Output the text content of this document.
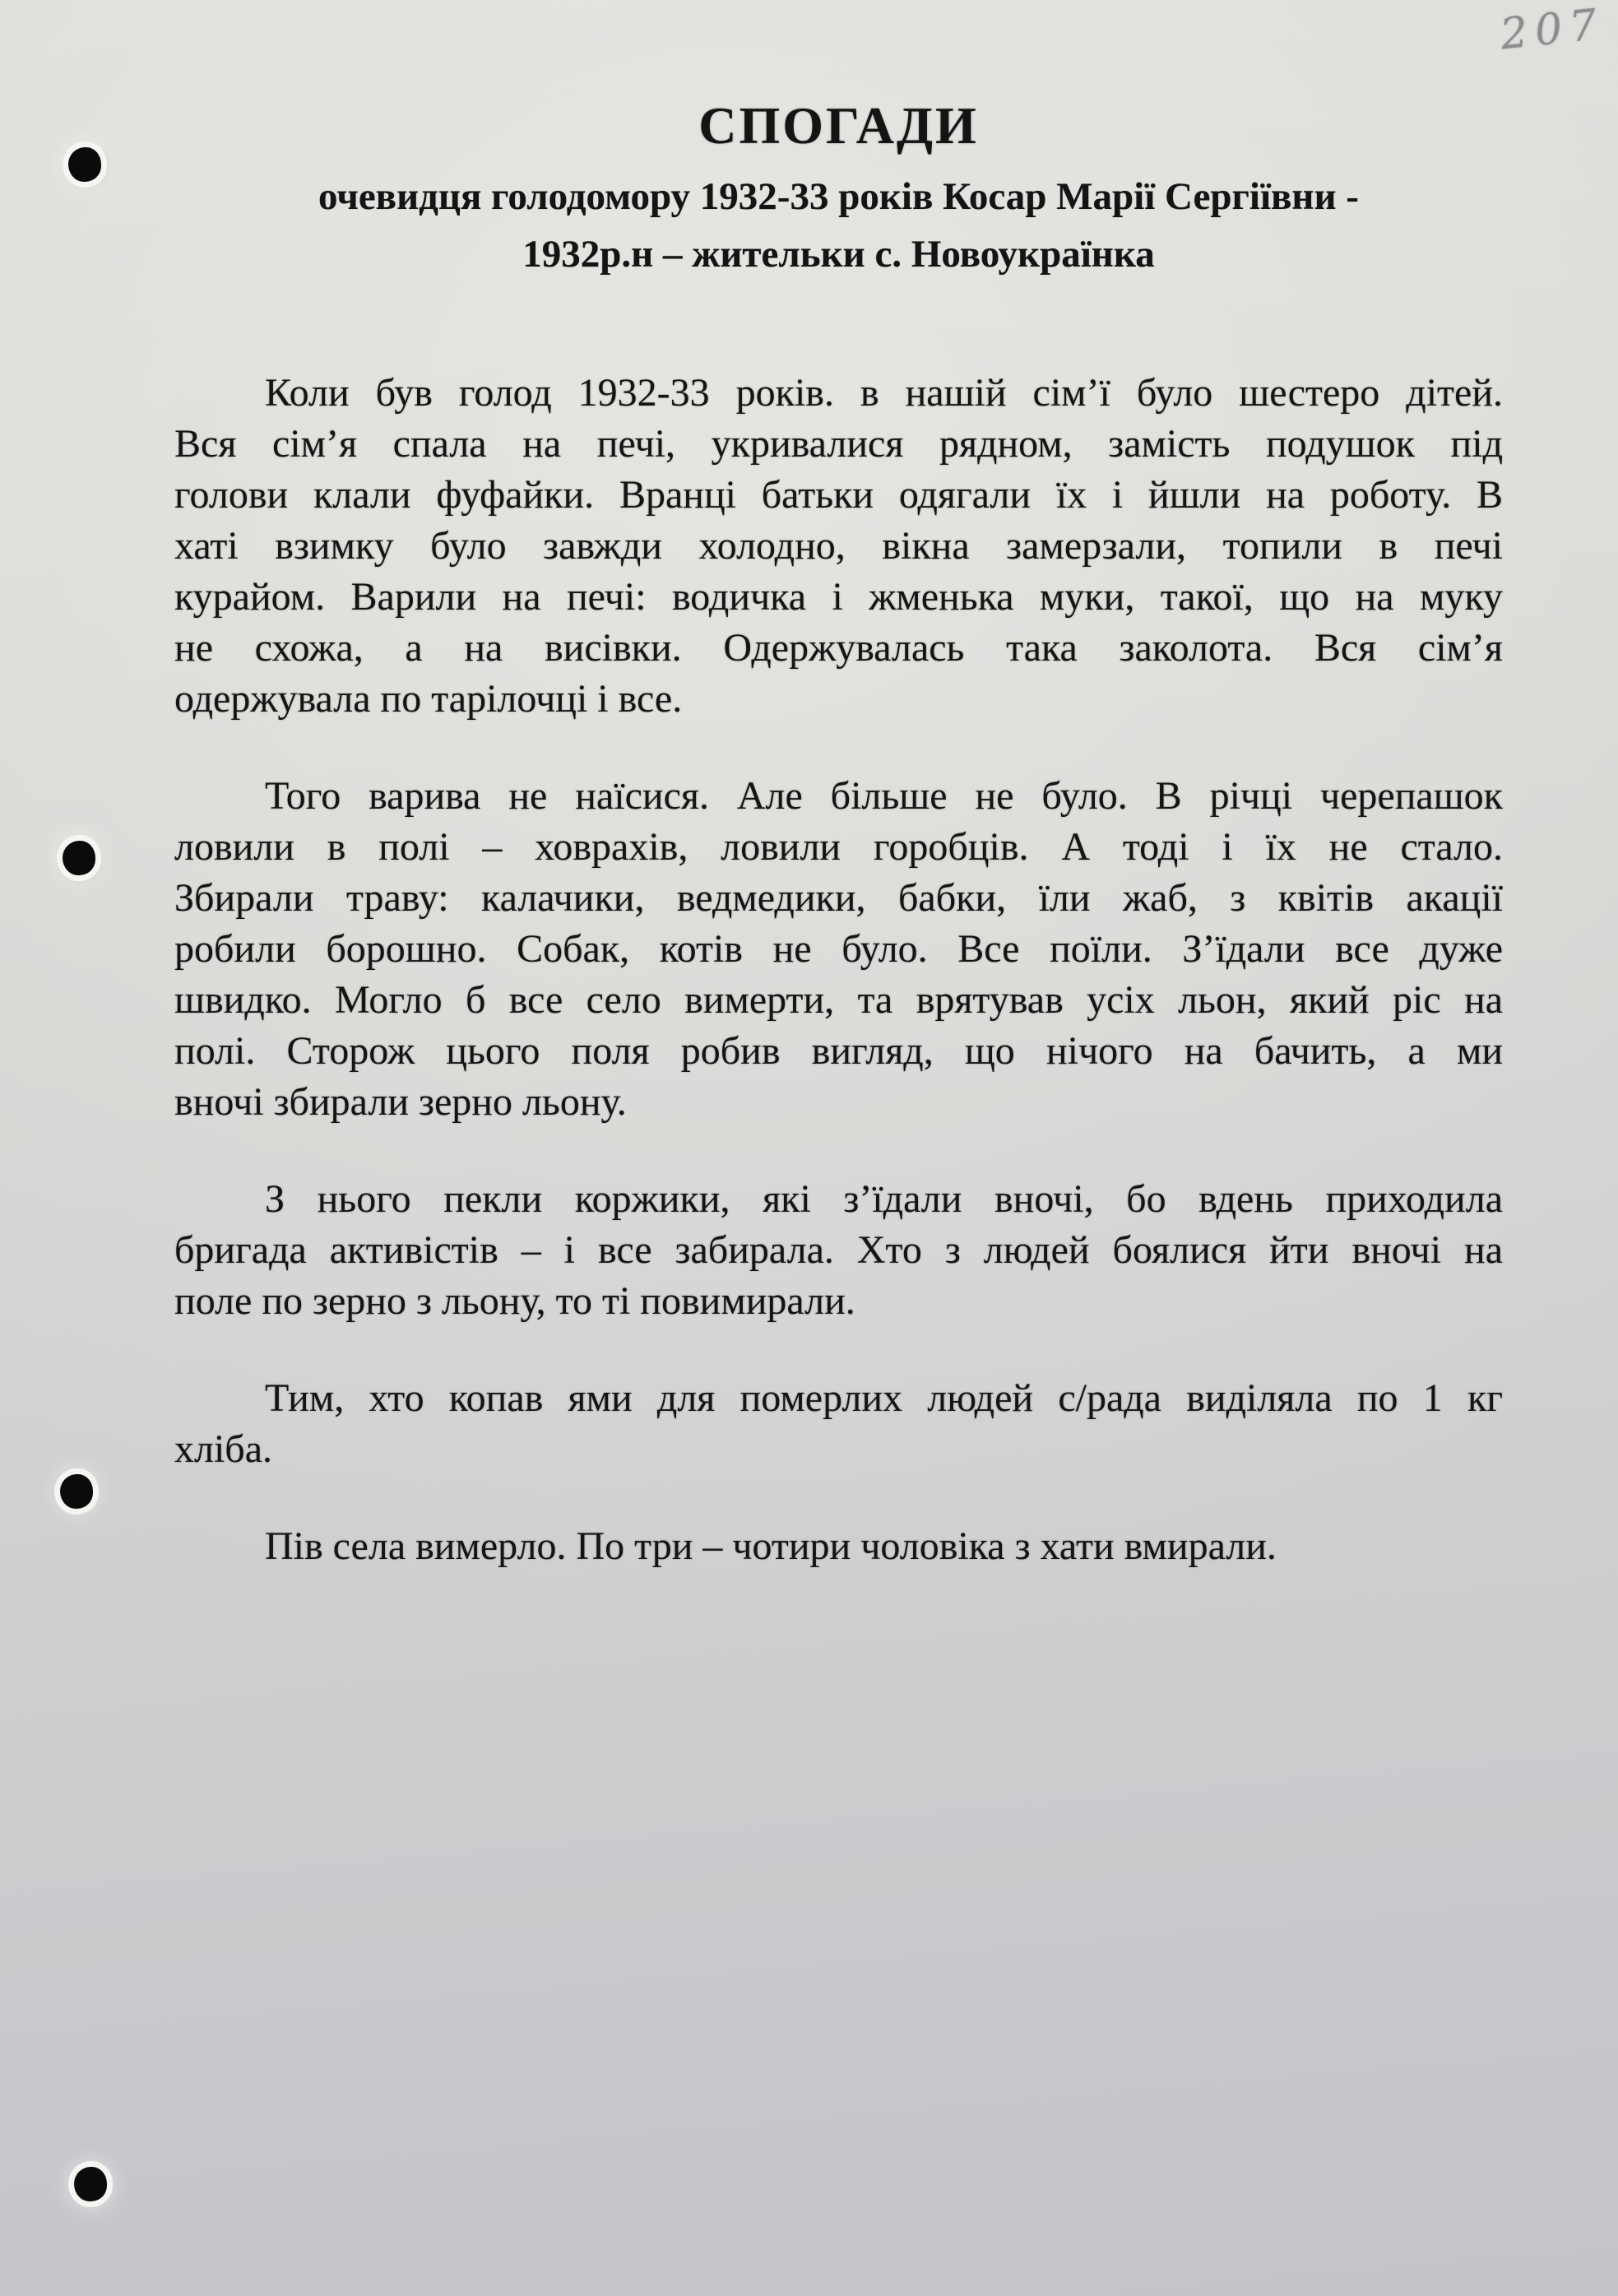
207
СПОГАДИ
очевидця голодомору 1932-33 років Косар Марії Сергіївни -
1932р.н – жительки с. Новоукраїнка
Коли був голод 1932-33 років. в нашій сім’ї було шестеро дітей.
Вся сім’я спала на печі, укривалися рядном, замість подушок під
голови клали фуфайки. Вранці батьки одягали їх і йшли на роботу. В
хаті взимку було завжди холодно, вікна замерзали, топили в печі
курайом. Варили на печі: водичка і жменька муки, такої, що на муку
не схожа, а на висівки. Одержувалась така заколота. Вся сім’я
одержувала по тарілочці і все.
Того варива не наїсися. Але більше не було. В річці черепашок
ловили в полі – ховрахів, ловили горобців. А тоді і їх не стало.
Збирали траву: калачики, ведмедики, бабки, їли жаб, з квітів акації
робили борошно. Собак, котів не було. Все поїли. З’їдали все дуже
швидко. Могло б все село вимерти, та врятував усіх льон, який ріс на
полі. Сторож цього поля робив вигляд, що нічого на бачить, а ми
вночі збирали зерно льону.
З нього пекли коржики, які з’їдали вночі, бо вдень приходила
бригада активістів – і все забирала. Хто з людей боялися йти вночі на
поле по зерно з льону, то ті повимирали.
Тим, хто копав ями для померлих людей с/рада виділяла по 1 кг
хліба.
Пів села вимерло. По три – чотири чоловіка з хати вмирали.
